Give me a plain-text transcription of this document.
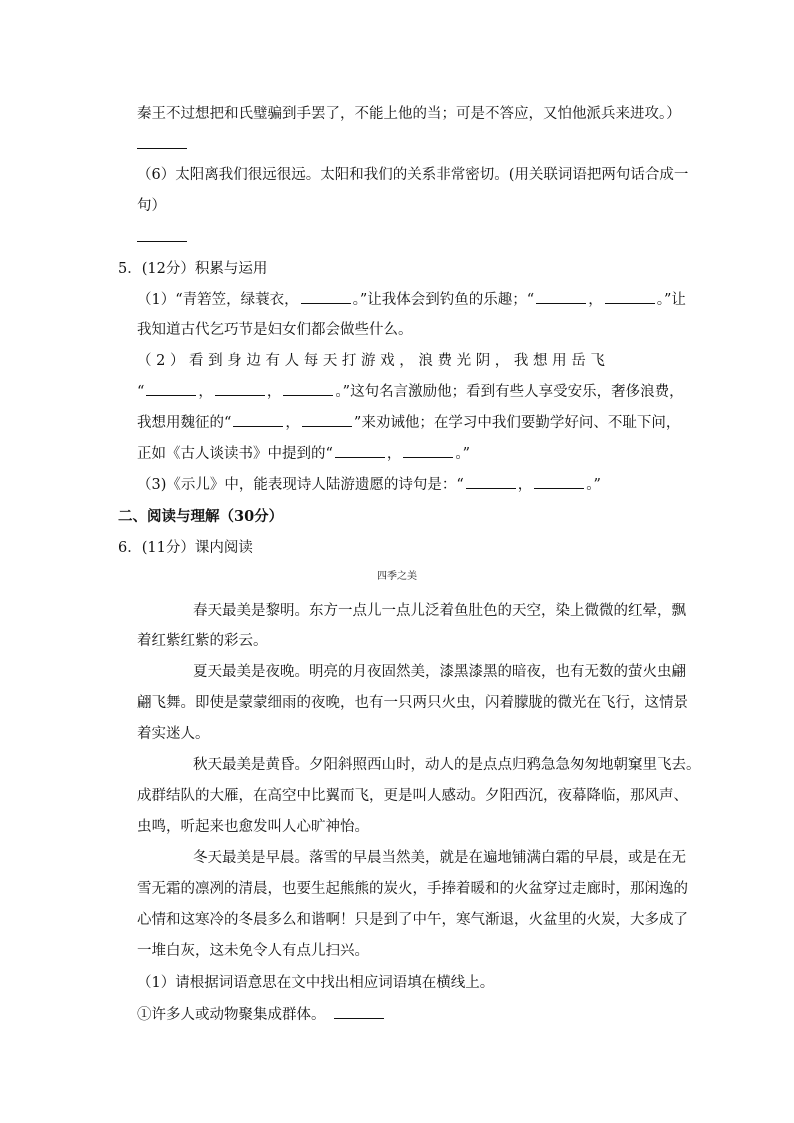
秦王不过想把和氏璧骗到手罢了，不能上他的当；可是不答应，又怕他派兵来进攻。）
（6）太阳离我们很远很远。太阳和我们的关系非常密切。(用关联词语把两句话合成一
句）
5．(12分）积累与运用
（1）“青箬笠，绿蓑衣，	。”让我体会到钓鱼的乐趣；“	，	。”让
我知道古代乞巧节是妇女们都会做些什么。
（ 2 ） 看 到 身 边 有 人 每 天 打 游 戏 ， 浪 费 光 阴 ， 我 想 用 岳 飞
“	，	，	。”这句名言激励他；看到有些人享受安乐，奢侈浪费，
我想用魏征的“	，	”来劝诫他；在学习中我们要勤学好问、不耻下问，
正如《古人谈读书》中提到的“	，	。”
（3)《示儿》中，能表现诗人陆游遗愿的诗句是：“	，	。”
二、阅读与理解（30分）
6．(11分）课内阅读
四季之美
春天最美是黎明。东方一点儿一点儿泛着鱼肚色的天空，染上微微的红晕，飘
着红紫红紫的彩云。
夏天最美是夜晚。明亮的月夜固然美，漆黑漆黑的暗夜，也有无数的萤火虫翩
翩飞舞。即使是蒙蒙细雨的夜晚，也有一只两只火虫，闪着朦胧的微光在飞行，这情景
着实迷人。
秋天最美是黄昏。夕阳斜照西山时，动人的是点点归鸦急急匆匆地朝窠里飞去。
成群结队的大雁，在高空中比翼而飞，更是叫人感动。夕阳西沉，夜幕降临，那风声、
虫鸣，听起来也愈发叫人心旷神怡。
冬天最美是早晨。落雪的早晨当然美，就是在遍地铺满白霜的早晨，或是在无
雪无霜的凛冽的清晨，也要生起熊熊的炭火，手捧着暖和的火盆穿过走廊时，那闲逸的
心情和这寒冷的冬晨多么和谐啊！只是到了中午，寒气渐退，火盆里的火炭，大多成了
一堆白灰，这未免令人有点儿扫兴。
（1）请根据词语意思在文中找出相应词语填在横线上。
①许多人或动物聚集成群体。
